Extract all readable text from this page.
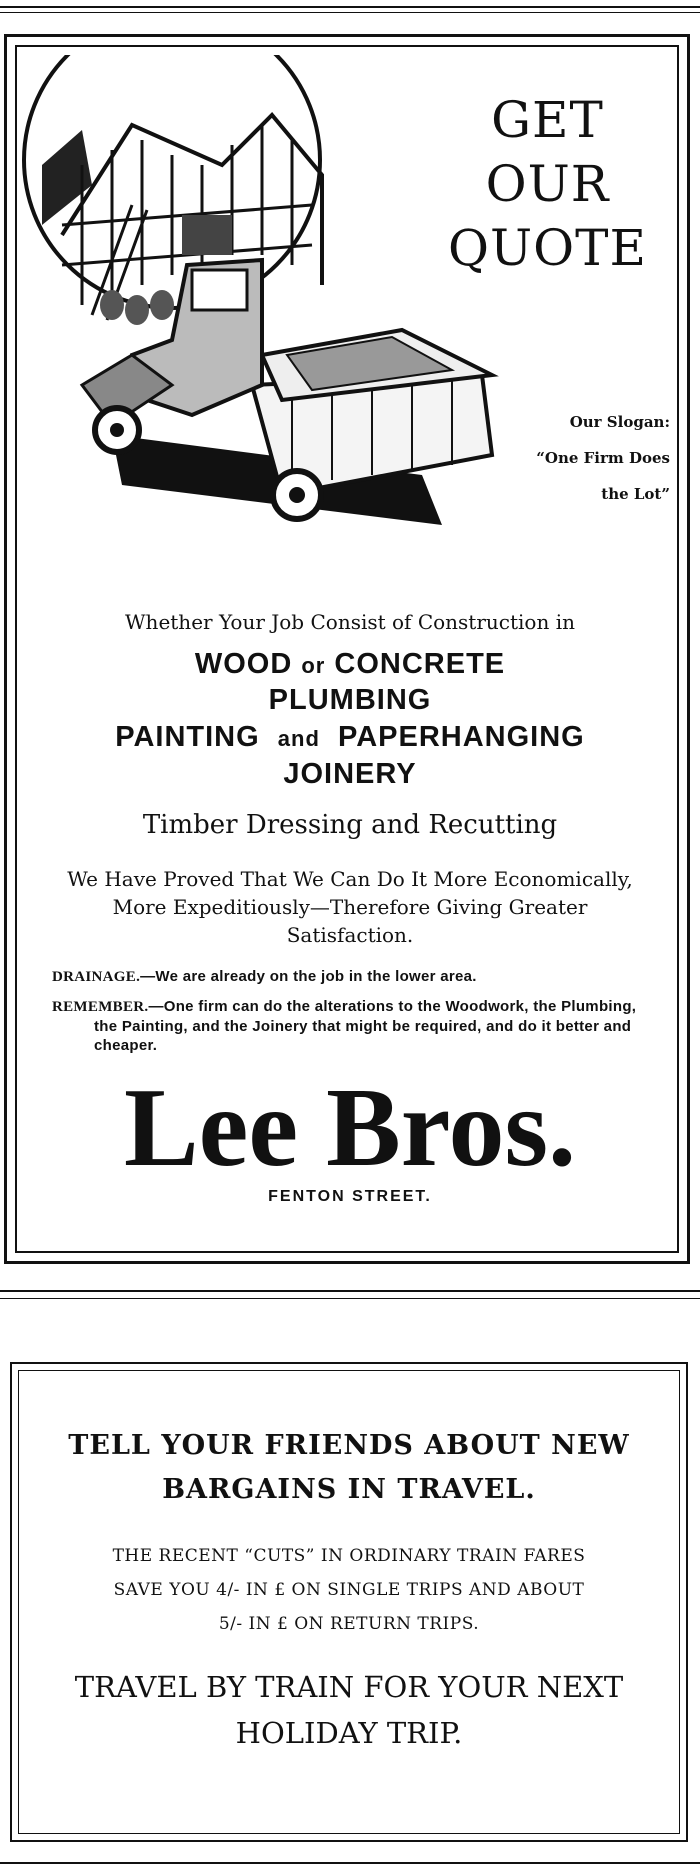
GET
OUR
QUOTE
Our Slogan:
“One Firm Does
the Lot”
Whether Your Job Consist of Construction in
WOOD or CONCRETE
PLUMBING
PAINTING and PAPERHANGING
JOINERY
Timber Dressing and Recutting
We Have Proved That We Can Do It More Economically,
More Expeditiously—Therefore Giving Greater
Satisfaction.
DRAINAGE.—We are already on the job in the lower area.
REMEMBER.—One firm can do the alterations to the Woodwork, the Plumbing, the Painting, and the Joinery that might be required, and do it better and cheaper.
Lee Bros.
FENTON STREET.
TELL YOUR FRIENDS ABOUT NEW
BARGAINS IN TRAVEL.
THE RECENT “CUTS” IN ORDINARY TRAIN FARES
SAVE YOU 4/- IN £ ON SINGLE TRIPS AND ABOUT
5/- IN £ ON RETURN TRIPS.
TRAVEL BY TRAIN FOR YOUR NEXT
HOLIDAY TRIP.
